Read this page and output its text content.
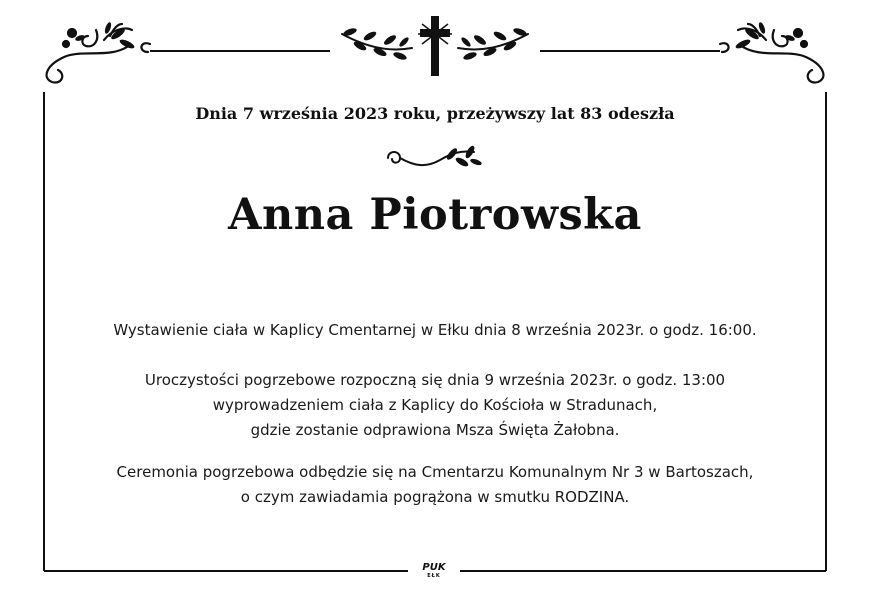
Dnia 7 września 2023 roku, przeżywszy lat 83 odeszła
Anna Piotrowska
Wystawienie ciała w Kaplicy Cmentarnej w Ełku dnia 8 września 2023r. o godz. 16:00.
Uroczystości pogrzebowe rozpoczną się dnia 9 września 2023r. o godz. 13:00
wyprowadzeniem ciała z Kaplicy do Kościoła w Stradunach,
gdzie zostanie odprawiona Msza Święta Żałobna.
Ceremonia pogrzebowa odbędzie się na Cmentarzu Komunalnym Nr 3 w Bartoszach,
o czym zawiadamia pogrążona w smutku RODZINA.
PUK
EŁK
